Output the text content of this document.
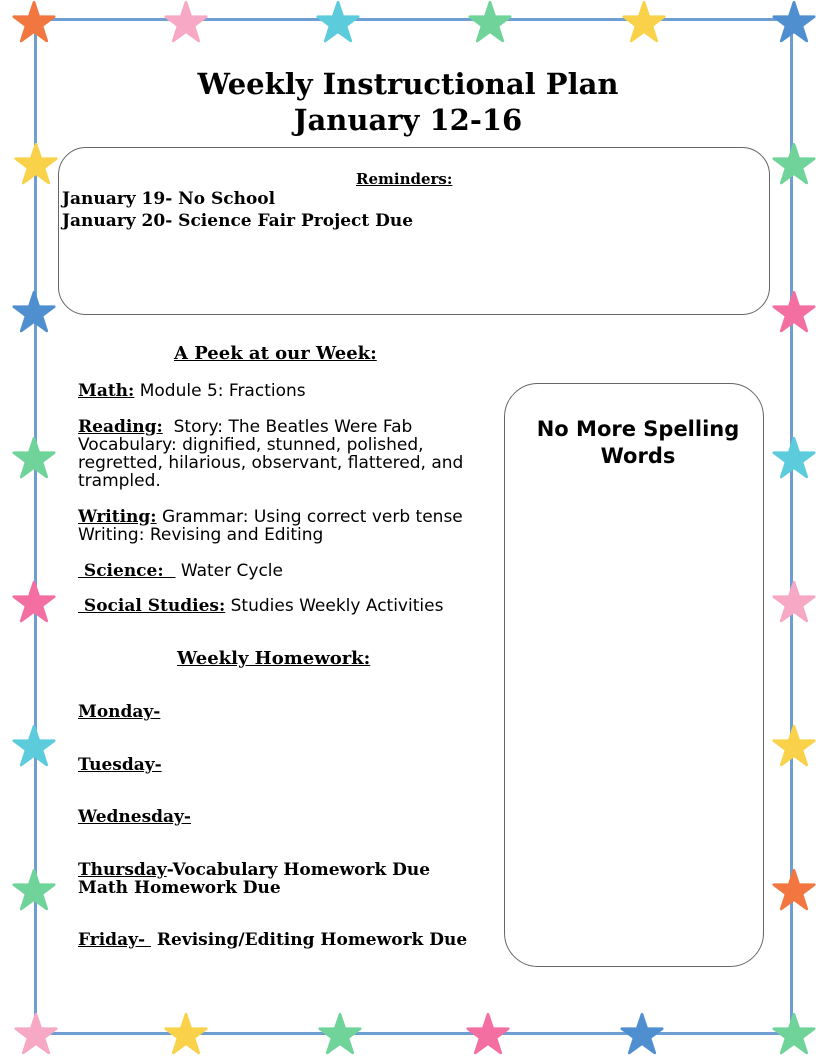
Weekly Instructional Plan
January 12-16
Reminders:
January 19- No School
January 20- Science Fair Project Due
A Peek at our Week:
Math: Module 5: Fractions
Reading:  Story: The Beatles Were Fab
Vocabulary: dignified, stunned, polished, regretted, hilarious, observant, flattered, and trampled.
Writing: Grammar: Using correct verb tense
Writing: Revising and Editing
Science:   Water Cycle
Social Studies: Studies Weekly Activities
Weekly Homework:
Monday-
Tuesday-
Wednesday-
Thursday-Vocabulary Homework Due
Math Homework Due
Friday-  Revising/Editing Homework Due
No More Spelling
Words
